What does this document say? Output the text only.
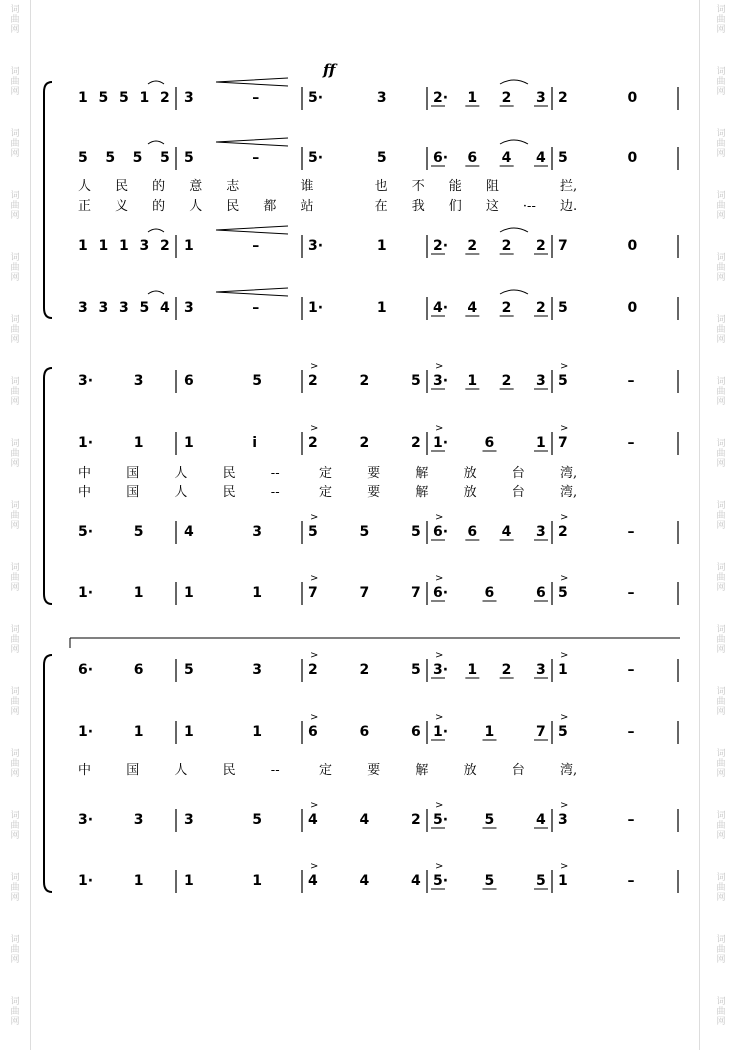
1 5 5 1 2 3	–	5·	3	2· 1 2 3 2	0
5 5 5 5 5	–	5·	5	6· 6 4 4 5	0
1 1 1 3 2 1	–	3·	1	2· 2 2 2 7	0
3 3 3 5 4 3	–	1·	1	4· 4 2 2 5	0
3·	3	6	5	2	2	5 3· 1 2 3 5	–
1·	1	1	i	2	2	2 1·	6	1 7	–
5·	5	4	3	5	5	5 6· 6 4 3 2	–
1·	1	1	1	7	7	7 6·	6	6 5	–
6·	6	5	3	2	2	5 3· 1 2 3 1	–
1·	1	1	1	6	6	6 1·	1	7 5	–
3·	3	3	5	4	4	2 5·	5	4 3	–
1·	1	1	1	4	4	4 5·	5	5 1	–
>	>	>
>	>	>
>	>	>
>	>	>
>	>	>
>	>	>
>	>	>
>	>	>
人 民 的 意 志	谁	也 不 能 阻	拦,
正 义 的 人 民 都 站	在 我 们 这 ·-- 边.
中	国	人	民	--	定	要	解	放	台	湾,
中	国	人	民	--	定	要	解	放	台	湾,
中	国	人	民	--	定	要	解	放	台	湾,
ff
词
曲
网
词
曲
网
词
曲
网
词
曲
网
词
曲
网
词
曲
网
词
曲
网
词
曲
网
词
曲
网
词
曲
网
词
曲
网
词
曲
网
词
曲
网
词
曲
网
词
曲
网
词
曲
网
词
曲
网
词
曲
网
词
曲
网
词
曲
网
词
曲
网
词
曲
网
词
曲
网
词
曲
网
词
曲
网
词
曲
网
词
曲
网
词
曲
网
词
曲
网
词
曲
网
词
曲
网
词
曲
网
词
曲
网
词
曲
网
